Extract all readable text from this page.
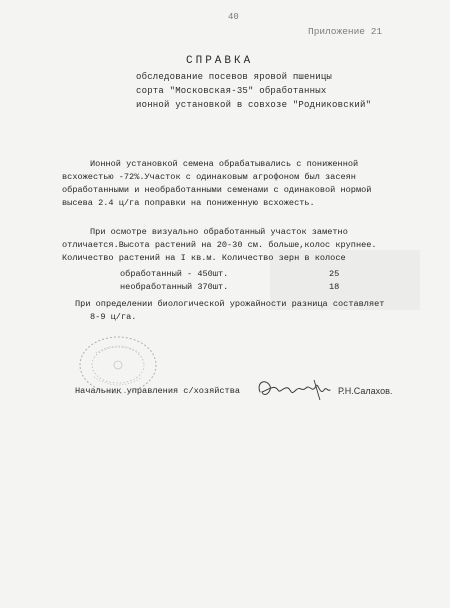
40
Приложение 21
СПРАВКА
обследование посевов яровой пшеницы
сорта "Московская-35" обработанных
ионной установкой в совхозе "Родниковский"
Ионной установкой семена обрабатывались с пониженной
всхожестью -72%.Участок с одинаковым агрофоном был засеян
обработанными и необработанными семенами с одинаковой нормой
высева 2.4 ц/га поправки на пониженную всхожесть.
При осмотре визуально обработанный участок заметно
отличается.Высота растений на 20-30 см. больше,колос крупнее.
Количество растений на I кв.м. Количество зерн в колосе
обработанный - 450шт.	25
необработанный 370шт.	18
При определении биологической урожайности разница составляет
8-9 ц/га.
Начальник управления с/хозяйства	Р.Н.Салахов.
